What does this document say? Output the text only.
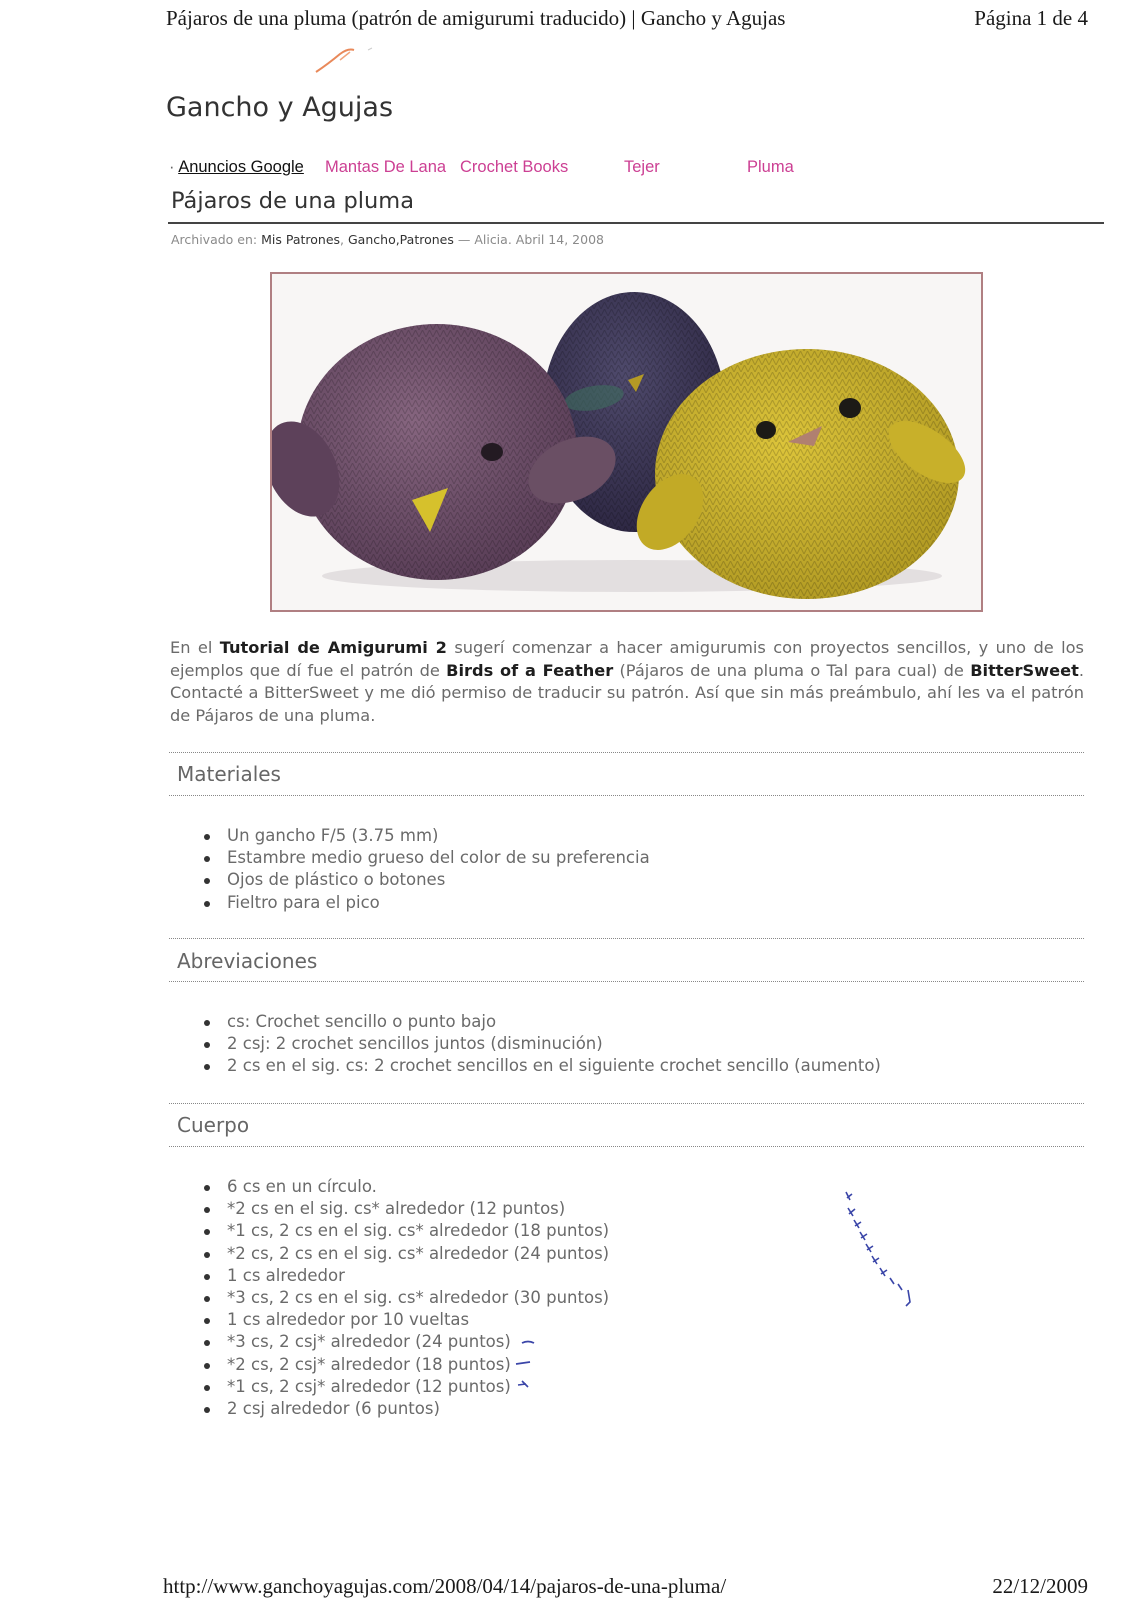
Pájaros de una pluma (patrón de amigurumi traducido) | Gancho y Agujas	Página 1 de 4
Gancho y Agujas
· Anuncios Google Mantas De Lana Crochet Books	Tejer	Pluma
Pájaros de una pluma
Archivado en: Mis Patrones, Gancho,Patrones — Alicia. Abril 14, 2008
En el Tutorial de Amigurumi 2 sugerí comenzar a hacer amigurumis con proyectos sencillos, y uno de los ejemplos que dí fue el patrón de Birds of a Feather (Pájaros de una pluma o Tal para cual) de BitterSweet. Contacté a BitterSweet y me dió permiso de traducir su patrón. Así que sin más preámbulo, ahí les va el patrón de Pájaros de una pluma.
Materiales
Un gancho F/5 (3.75 mm)
Estambre medio grueso del color de su preferencia
Ojos de plástico o botones
Fieltro para el pico
Abreviaciones
cs: Crochet sencillo o punto bajo
2 csj: 2 crochet sencillos juntos (disminución)
2 cs en el sig. cs: 2 crochet sencillos en el siguiente crochet sencillo (aumento)
Cuerpo
6 cs en un círculo.
*2 cs en el sig. cs* alrededor (12 puntos)
*1 cs, 2 cs en el sig. cs* alrededor (18 puntos)
*2 cs, 2 cs en el sig. cs* alrededor (24 puntos)
1 cs alrededor
*3 cs, 2 cs en el sig. cs* alrededor (30 puntos)
1 cs alrededor por 10 vueltas
*3 cs, 2 csj* alrededor (24 puntos)
*2 cs, 2 csj* alrededor (18 puntos)
*1 cs, 2 csj* alrededor (12 puntos)
2 csj alrededor (6 puntos)
http://www.ganchoyagujas.com/2008/04/14/pajaros-de-una-pluma/	22/12/2009
